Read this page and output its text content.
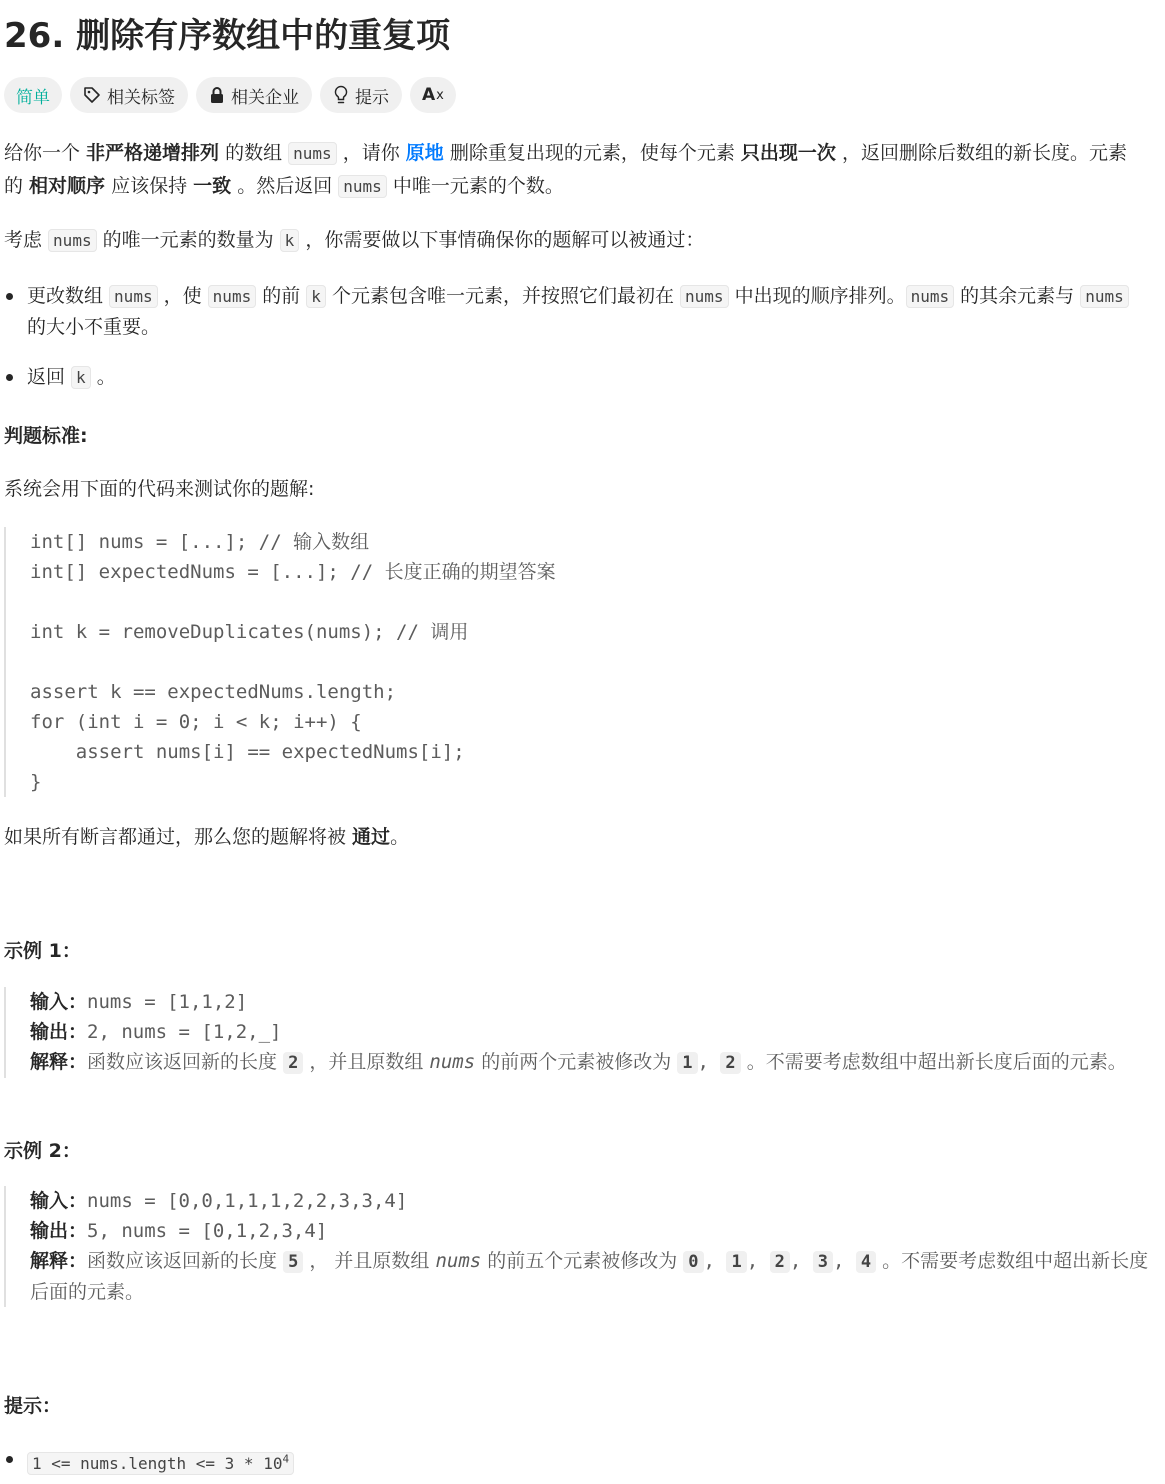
26. 删除有序数组中的重复项
简单	相关标签	相关企业	提示 A x
给你一个 非严格递增排列 的数组 nums ，请你 原地 删除重复出现的元素，使每个元素 只出现一次 ，返回删除后数组的新长度。元素的 相对顺序 应该保持 一致 。然后返回 nums 中唯一元素的个数。
考虑 nums 的唯一元素的数量为 k ，你需要做以下事情确保你的题解可以被通过：
更改数组 nums ，使 nums 的前 k 个元素包含唯一元素，并按照它们最初在 nums 中出现的顺序排列。 nums 的其余元素与 nums 的大小不重要。
返回 k 。
判题标准:
系统会用下面的代码来测试你的题解:
int[] nums = [...]; // 输入数组
int[] expectedNums = [...]; // 长度正确的期望答案
int k = removeDuplicates(nums); // 调用
assert k == expectedNums.length;
for (int i = 0; i < k; i++) {
assert nums[i] == expectedNums[i];
}
如果所有断言都通过，那么您的题解将被 通过。
示例 1：
输入：nums = [1,1,2]
输出：2, nums = [1,2,_]
解释：函数应该返回新的长度 2 ，并且原数组 nums 的前两个元素被修改为 1 , 2 。不需要考虑数组中超出新长度后面的元素。
示例 2：
输入：nums = [0,0,1,1,1,2,2,3,3,4]
输出：5, nums = [0,1,2,3,4]
解释：函数应该返回新的长度 5 ， 并且原数组 nums 的前五个元素被修改为 0 , 1 , 2 , 3 , 4 。不需要考虑数组中超出新长度后面的元素。
提示：
1 <= nums.length <= $3 * 10^4$
